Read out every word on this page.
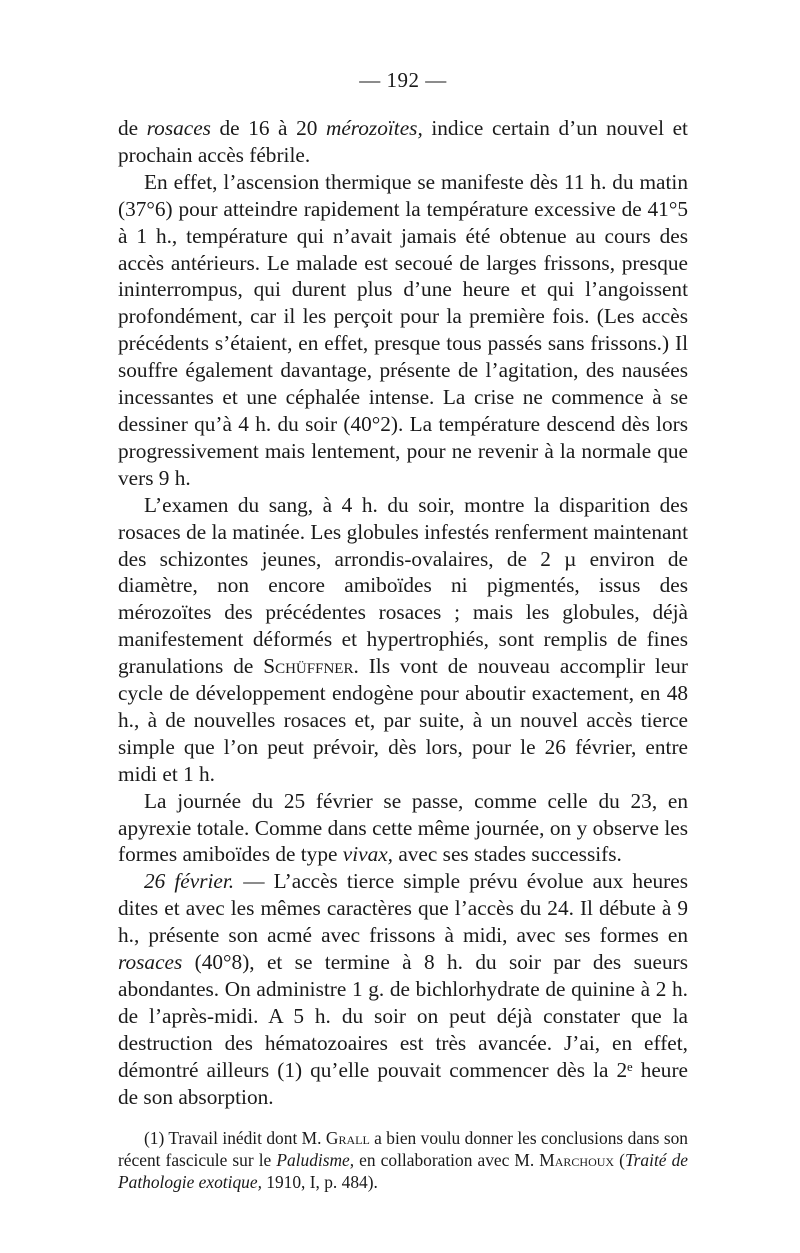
— 192 —

de rosaces de 16 à 20 mérozoïtes, indice certain d’un nouvel et prochain accès fébrile.

En effet, l’ascension thermique se manifeste dès 11 h. du matin (37°6) pour atteindre rapidement la température excessive de 41°5 à 1 h., température qui n’avait jamais été obtenue au cours des accès antérieurs. Le malade est secoué de larges frissons, presque ininterrompus, qui durent plus d’une heure et qui l’angoissent profondément, car il les perçoit pour la première fois. (Les accès précédents s’étaient, en effet, presque tous passés sans frissons.) Il souffre également davantage, présente de l’agitation, des nausées incessantes et une céphalée intense. La crise ne commence à se dessiner qu’à 4 h. du soir (40°2). La température descend dès lors progressivement mais lentement, pour ne revenir à la normale que vers 9 h.

L’examen du sang, à 4 h. du soir, montre la disparition des rosaces de la matinée. Les globules infestés renferment maintenant des schizontes jeunes, arrondis-ovalaires, de 2 µ environ de diamètre, non encore amiboïdes ni pigmentés, issus des mérozoïtes des précédentes rosaces ; mais les globules, déjà manifestement déformés et hypertrophiés, sont remplis de fines granulations de Schüffner. Ils vont de nouveau accomplir leur cycle de développement endogène pour aboutir exactement, en 48 h., à de nouvelles rosaces et, par suite, à un nouvel accès tierce simple que l’on peut prévoir, dès lors, pour le 26 février, entre midi et 1 h.

La journée du 25 février se passe, comme celle du 23, en apyrexie totale. Comme dans cette même journée, on y observe les formes amiboïdes de type vivax, avec ses stades successifs.

26 février. — L’accès tierce simple prévu évolue aux heures dites et avec les mêmes caractères que l’accès du 24. Il débute à 9 h., présente son acmé avec frissons à midi, avec ses formes en rosaces (40°8), et se termine à 8 h. du soir par des sueurs abondantes. On administre 1 g. de bichlorhydrate de quinine à 2 h. de l’après-midi. A 5 h. du soir on peut déjà constater que la destruction des hématozoaires est très avancée. J’ai, en effet, démontré ailleurs (1) qu’elle pouvait commencer dès la 2ᵉ heure de son absorption.

(1) Travail inédit dont M. Grall a bien voulu donner les conclusions dans son récent fascicule sur le Paludisme, en collaboration avec M. Marchoux (Traité de Pathologie exotique, 1910, I, p. 484).
